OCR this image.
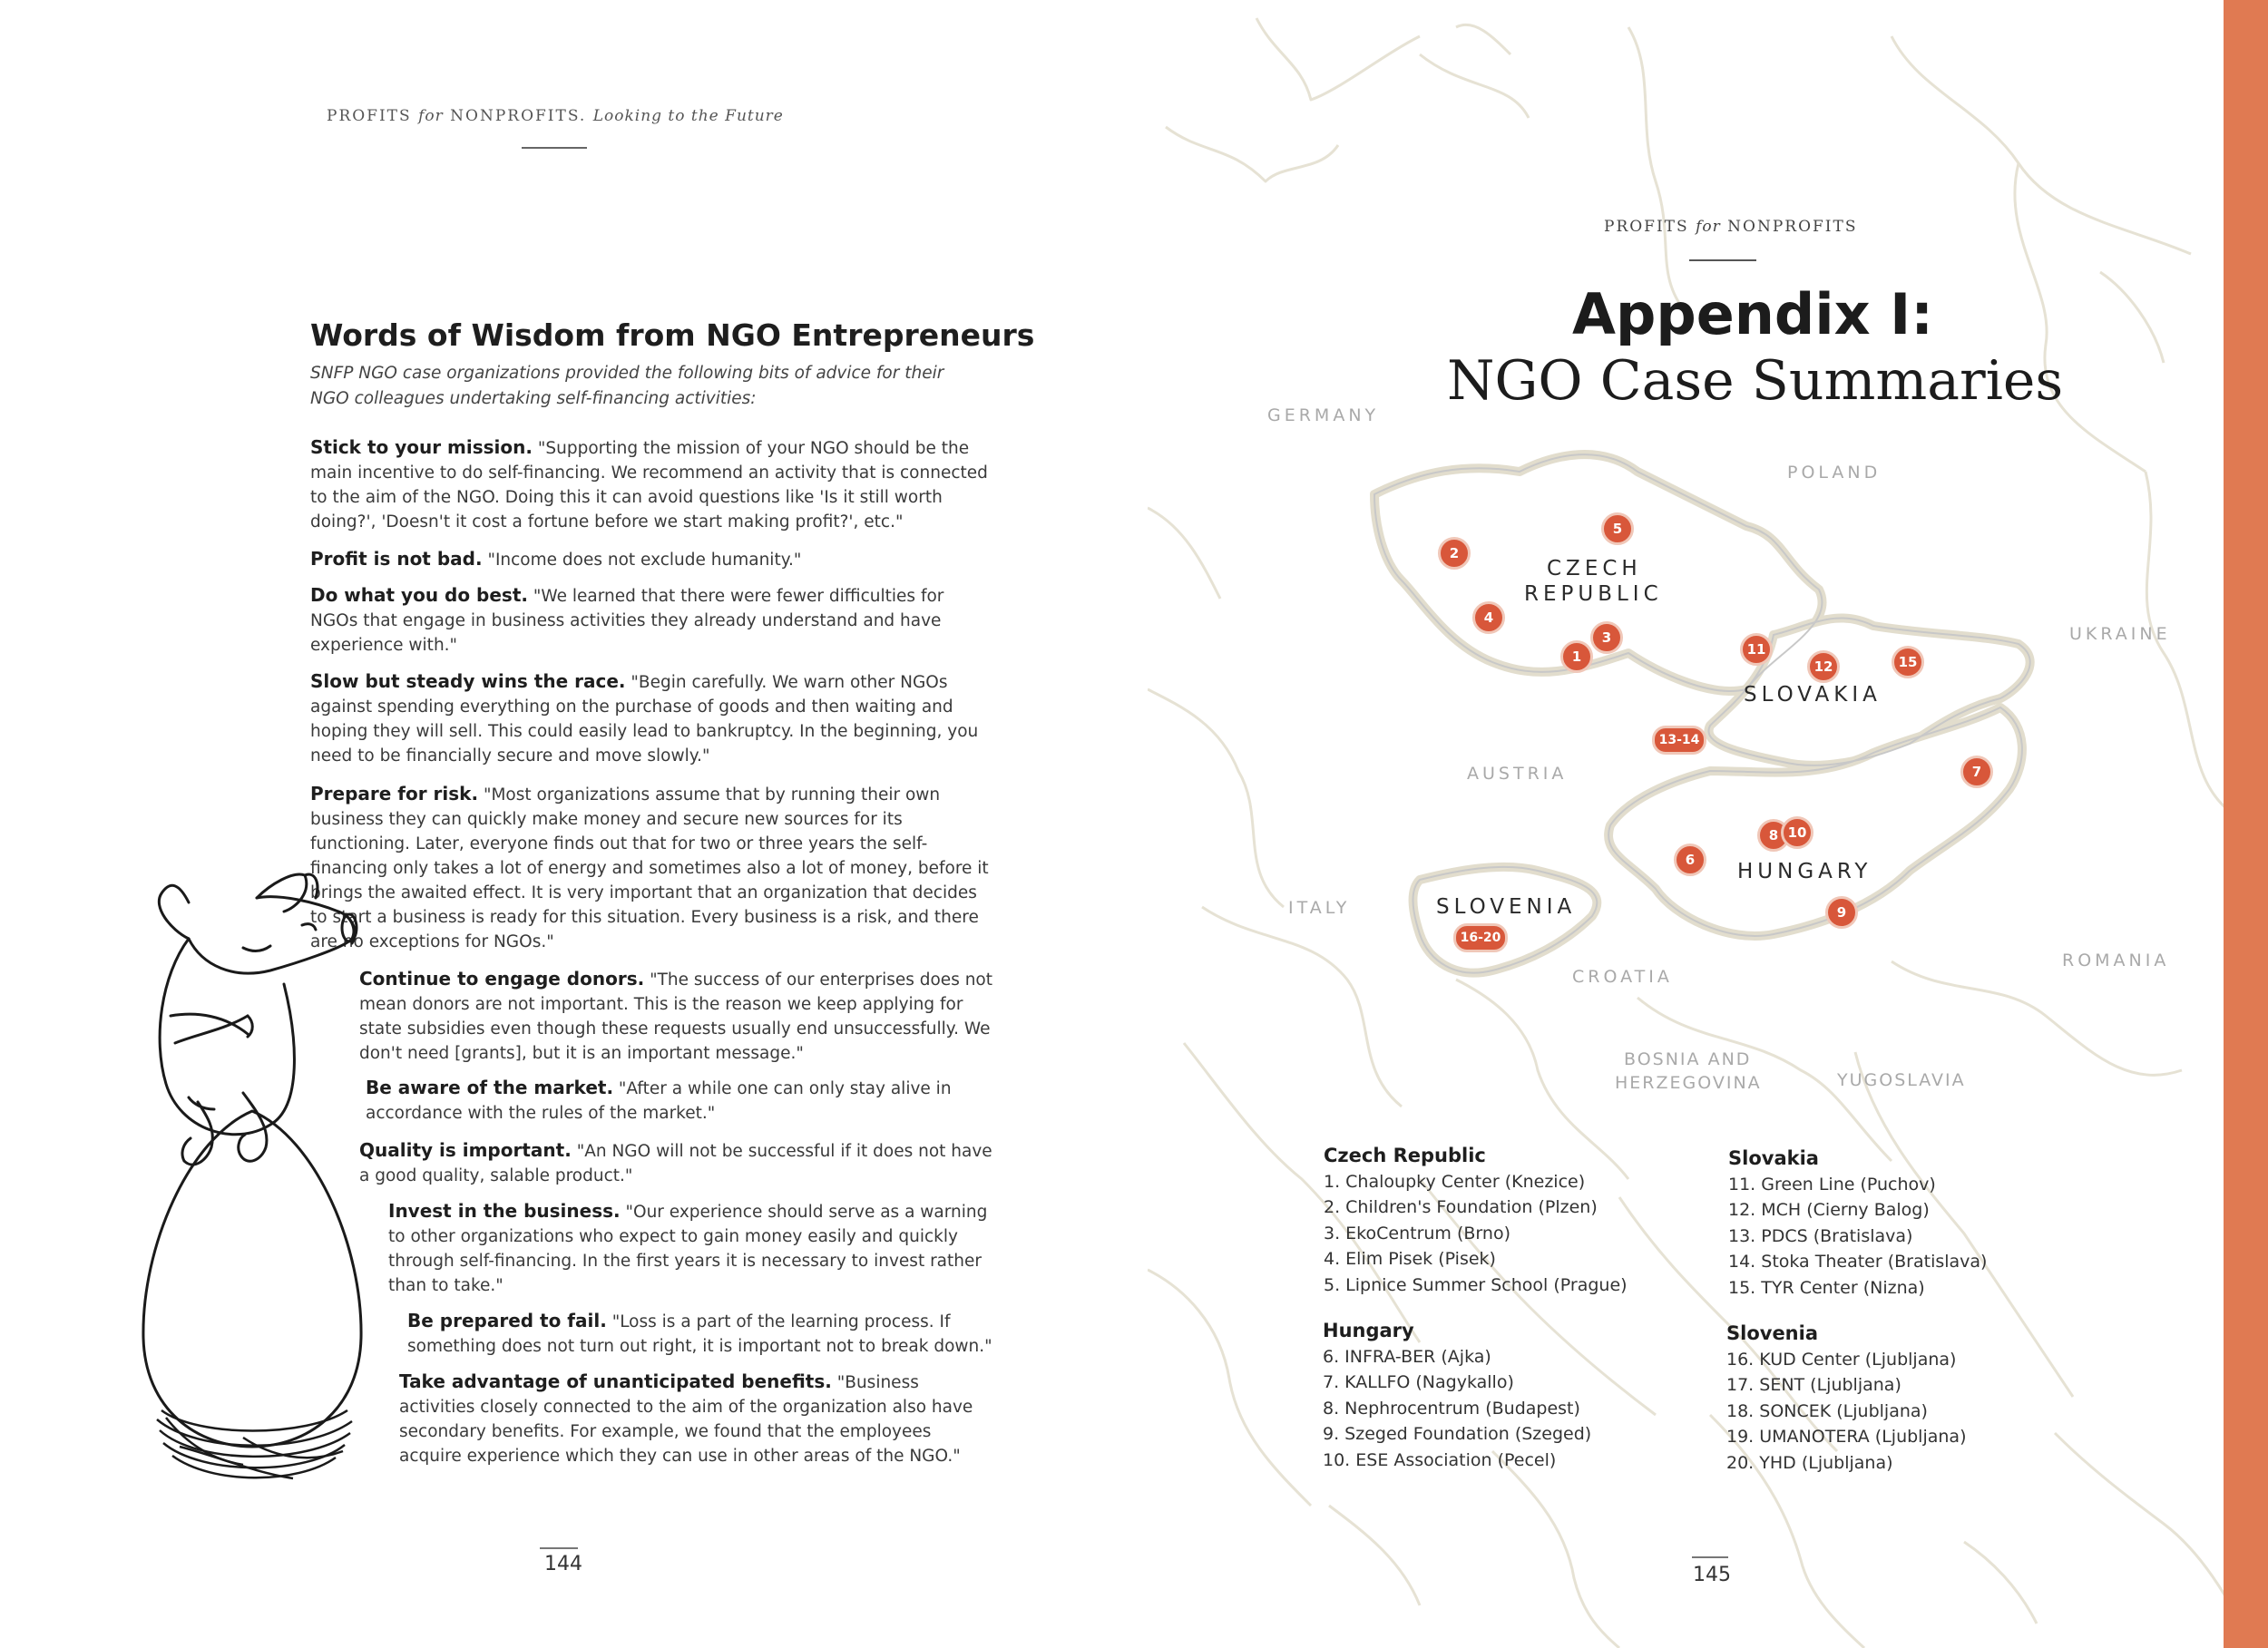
PROFITS for NONPROFITS. Looking to the Future
Words of Wisdom from NGO Entrepreneurs
SNFP NGO case organizations provided the following bits of advice for their NGO colleagues undertaking self-financing activities:
Stick to your mission. "Supporting the mission of your NGO should be the main incentive to do self-financing. We recommend an activity that is connected to the aim of the NGO. Doing this it can avoid questions like 'Is it still worth doing?', 'Doesn't it cost a fortune before we start making profit?', etc."
Profit is not bad. "Income does not exclude humanity."
Do what you do best. "We learned that there were fewer difficulties for NGOs that engage in business activities they already understand and have experience with."
Slow but steady wins the race. "Begin carefully. We warn other NGOs against spending everything on the purchase of goods and then waiting and hoping they will sell. This could easily lead to bankruptcy. In the beginning, you need to be financially secure and move slowly."
Prepare for risk. "Most organizations assume that by running their own business they can quickly make money and secure new sources for its functioning. Later, everyone finds out that for two or three years the self-financing only takes a lot of energy and sometimes also a lot of money, before it brings the awaited effect. It is very important that an organization that decides to start a business is ready for this situation. Every business is a risk, and there are no exceptions for NGOs."
Continue to engage donors. "The success of our enterprises does not mean donors are not important. This is the reason we keep applying for state subsidies even though these requests usually end unsuccessfully. We don't need [grants], but it is an important message."
Be aware of the market. "After a while one can only stay alive in accordance with the rules of the market."
Quality is important. "An NGO will not be successful if it does not have a good quality, salable product."
Invest in the business. "Our experience should serve as a warning to other organizations who expect to gain money easily and quickly through self-financing. In the first years it is necessary to invest rather than to take."
Be prepared to fail. "Loss is a part of the learning process. If something does not turn out right, it is important not to break down."
Take advantage of unanticipated benefits. "Business activities closely connected to the aim of the organization also have secondary benefits. For example, we found that the employees acquire experience which they can use in other areas of the NGO."
144
PROFITS for NONPROFITS
Appendix I:
NGO Case Summaries
GERMANY
POLAND
UKRAINE
AUSTRIA
ITALY
CROATIA
ROMANIA
BOSNIA AND
HERZEGOVINA	YUGOSLAVIA
CZECH
REPUBLIC
SLOVAKIA
HUNGARY
SLOVENIA
5
2
4
3
1	11
12	15
13-14
7
8 10
6
9
16-20
Czech Republic
1. Chaloupky Center (Knezice)
2. Children's Foundation (Plzen)
3. EkoCentrum (Brno)
4. Elim Pisek (Pisek)
5. Lipnice Summer School (Prague)
Slovakia
11. Green Line (Puchov)
12. MCH (Cierny Balog)
13. PDCS (Bratislava)
14. Stoka Theater (Bratislava)
15. TYR Center (Nizna)
Hungary
6. INFRA-BER (Ajka)
7. KALLFO (Nagykallo)
8. Nephrocentrum (Budapest)
9. Szeged Foundation (Szeged)
10. ESE Association (Pecel)
Slovenia
16. KUD Center (Ljubljana)
17. SENT (Ljubljana)
18. SONCEK (Ljubljana)
19. UMANOTERA (Ljubljana)
20. YHD (Ljubljana)
145
